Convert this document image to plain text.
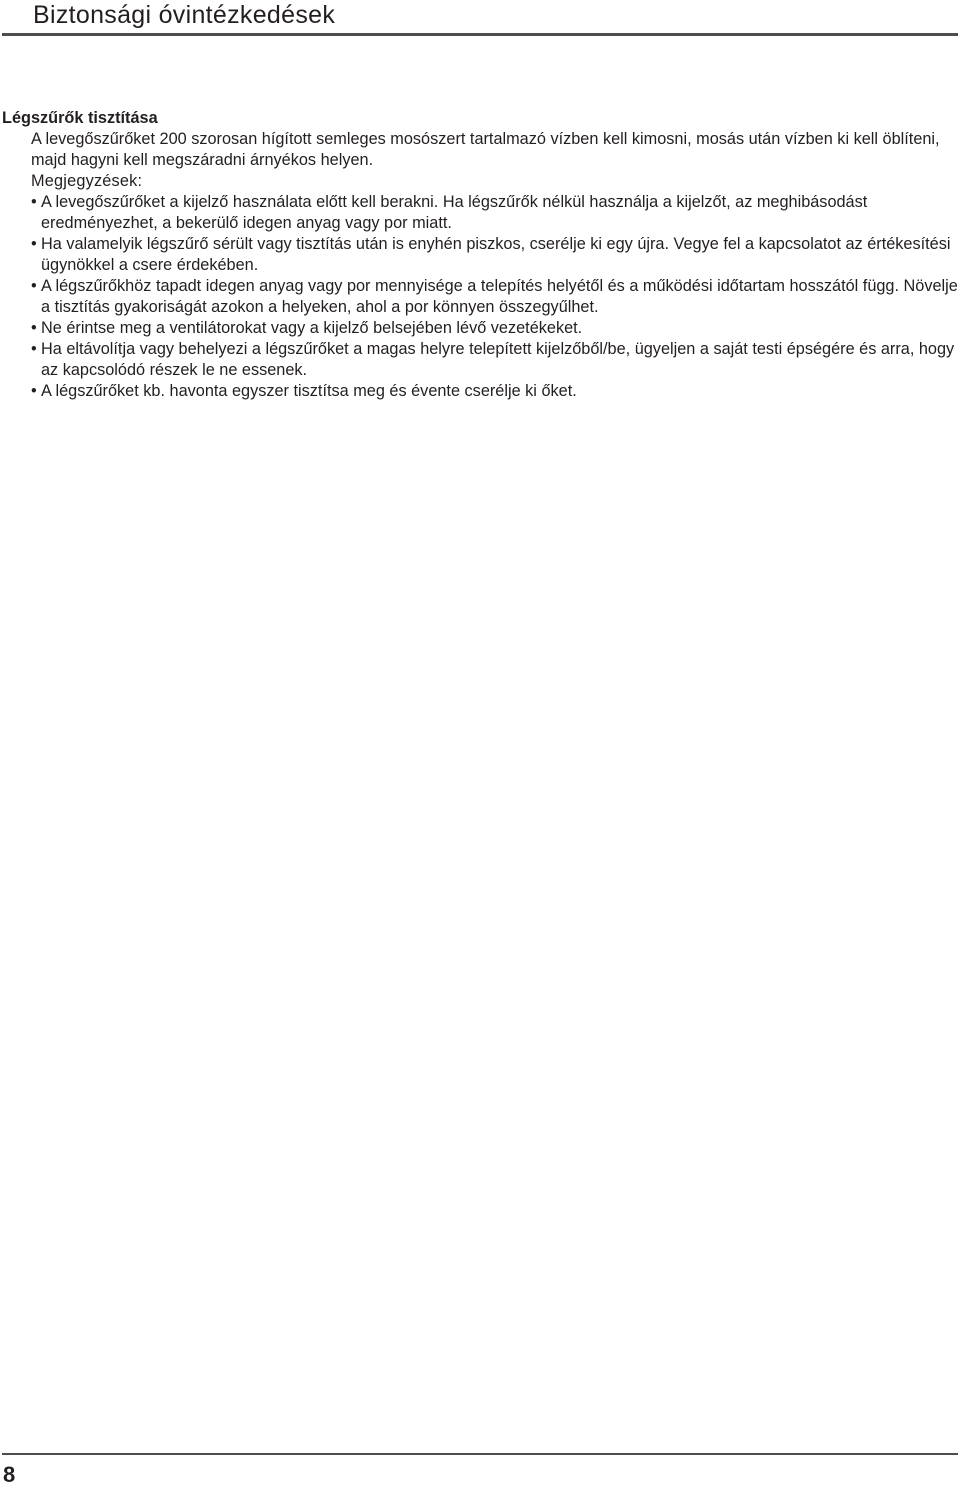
Biztonsági óvintézkedések

Légszűrők tisztítása

A levegőszűrőket 200 szorosan hígított semleges mosószert tartalmazó vízben kell kimosni, mosás után vízben ki kell öblíteni, majd hagyni kell megszáradni árnyékos helyen.

Megjegyzések:

• A levegőszűrőket a kijelző használata előtt kell berakni. Ha légszűrők nélkül használja a kijelzőt, az meghibásodást eredményezhet, a bekerülő idegen anyag vagy por miatt.
• Ha valamelyik légszűrő sérült vagy tisztítás után is enyhén piszkos, cserélje ki egy újra. Vegye fel a kapcsolatot az értékesítési ügynökkel a csere érdekében.
• A légszűrőkhöz tapadt idegen anyag vagy por mennyisége a telepítés helyétől és a működési időtartam hosszától függ. Növelje a tisztítás gyakoriságát azokon a helyeken, ahol a por könnyen összegyűlhet.
• Ne érintse meg a ventilátorokat vagy a kijelző belsejében lévő vezetékeket.
• Ha eltávolítja vagy behelyezi a légszűrőket a magas helyre telepített kijelzőből/be, ügyeljen a saját testi épségére és arra, hogy az kapcsolódó részek le ne essenek.
• A légszűrőket kb. havonta egyszer tisztítsa meg és évente cserélje ki őket.
8
